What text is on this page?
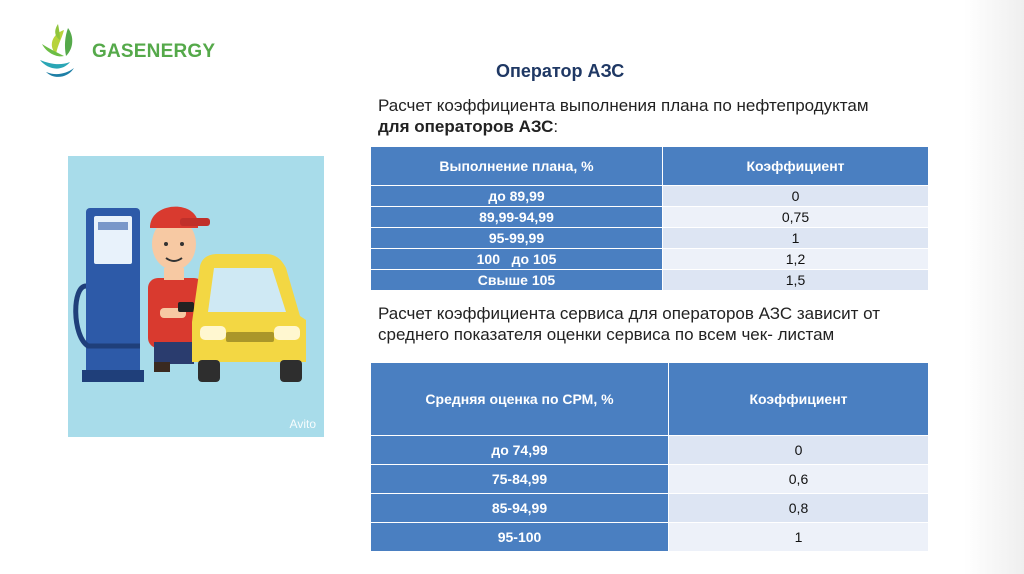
GASENERGY
Оператор АЗС
Расчет коэффициента выполнения плана по нефтепродуктам
для операторов АЗС:
Выполнение плана, %	Коэффициент
до 89,99	0
89,99-94,99	0,75
95-99,99	1
100   до 105	1,2
Свыше 105	1,5
Расчет коэффициента сервиса для операторов АЗС зависит от
среднего показателя оценки сервиса по всем чек- листам
Средняя оценка по СРМ, %	Коэффициент
до 74,99	0
75-84,99	0,6
85-94,99	0,8
95-100	1
Avito
